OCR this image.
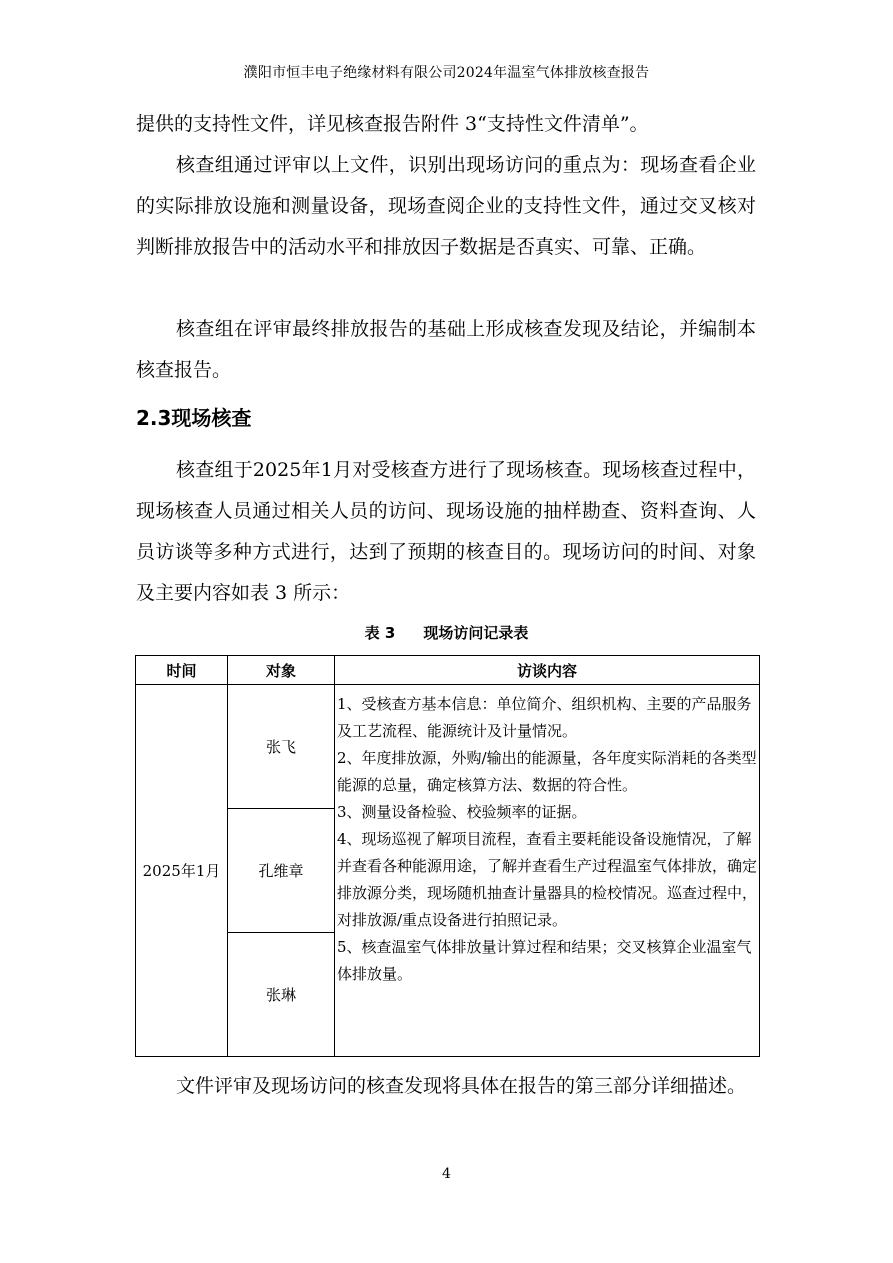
濮阳市恒丰电子绝缘材料有限公司2024年温室气体排放核查报告

提供的支持性文件，详见核查报告附件 3“支持性文件清单”。

核查组通过评审以上文件，识别出现场访问的重点为：现场查看企业的实际排放设施和测量设备，现场查阅企业的支持性文件，通过交叉核对判断排放报告中的活动水平和排放因子数据是否真实、可靠、正确。

核查组在评审最终排放报告的基础上形成核查发现及结论，并编制本核查报告。

2.3现场核查

核查组于2025年1月对受核查方进行了现场核查。现场核查过程中，现场核查人员通过相关人员的访问、现场设施的抽样勘查、资料查询、人员访谈等多种方式进行，达到了预期的核查目的。现场访问的时间、对象及主要内容如表 3 所示：

表 3 现场访问记录表
时间	对象	访谈内容
2025年1月	张飞	1、受核查方基本信息：单位简介、组织机构、主要的产品服务及工艺流程、能源统计及计量情况。
2、年度排放源，外购/输出的能源量，各年度实际消耗的各类型能源的总量，确定核算方法、数据的符合性。
3、测量设备检验、校验频率的证据。
4、现场巡视了解项目流程，查看主要耗能设备设施情况，了解并查看各种能源用途，了解并查看生产过程温室气体排放，确定排放源分类，现场随机抽查计量器具的检校情况。巡查过程中，对排放源/重点设备进行拍照记录。
5、核查温室气体排放量计算过程和结果；交叉核算企业温室气体排放量。

	孔维章	
	张琳	

文件评审及现场访问的核查发现将具体在报告的第三部分详细描述。

4
